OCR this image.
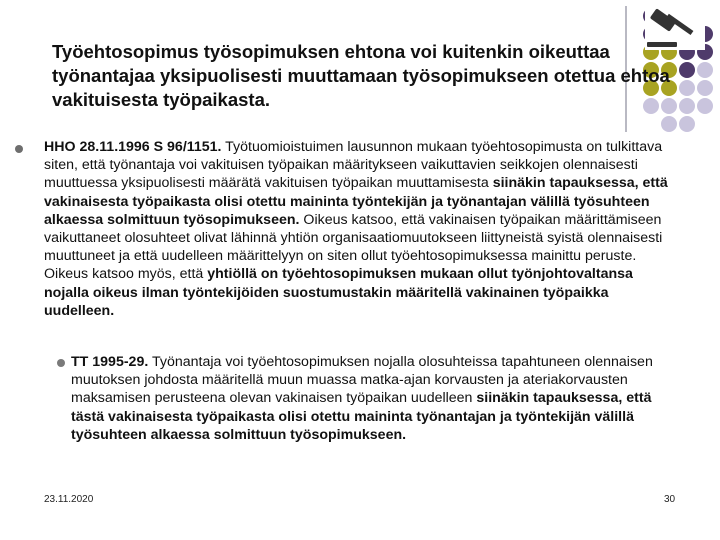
Työehtosopimus työsopimuksen ehtona voi kuitenkin oikeuttaa työnantajaa yksipuolisesti muuttamaan työsopimukseen otettua ehtoa vakituisesta työpaikasta.
HHO 28.11.1996 S 96/1151. Työtuomioistuimen lausunnon mukaan työehtosopimusta on tulkittava siten, että työnantaja voi vakituisen työpaikan määritykseen vaikuttavien seikkojen olennaisesti muuttuessa yksipuolisesti määrätä vakituisen työpaikan muuttamisesta siinäkin tapauksessa, että vakinaisesta työpaikasta olisi otettu maininta työntekijän ja työnantajan välillä työsuhteen alkaessa solmittuun työsopimukseen. Oikeus katsoo, että vakinaisen työpaikan määrittämiseen vaikuttaneet olosuhteet olivat lähinnä yhtiön organisaatiomuutokseen liittyneistä syistä olennaisesti muuttuneet ja että uudelleen määrittelyyn on siten ollut työehtosopimuksessa mainittu peruste. Oikeus katsoo myös, että yhtiöllä on työehtosopimuksen mukaan ollut työnjohtovaltansa nojalla oikeus ilman työntekijöiden suostumustakin määritellä vakinainen työpaikka uudelleen.
TT 1995-29. Työnantaja voi työehtosopimuksen nojalla olosuhteissa tapahtuneen olennaisen muutoksen johdosta määritellä muun muassa matka-ajan korvausten ja ateriakorvausten maksamisen perusteena olevan vakinaisen työpaikan uudelleen siinäkin tapauksessa, että tästä vakinaisesta työpaikasta olisi otettu maininta työnantajan ja työntekijän välillä työsuhteen alkaessa solmittuun työsopimukseen.
23.11.2020	30
